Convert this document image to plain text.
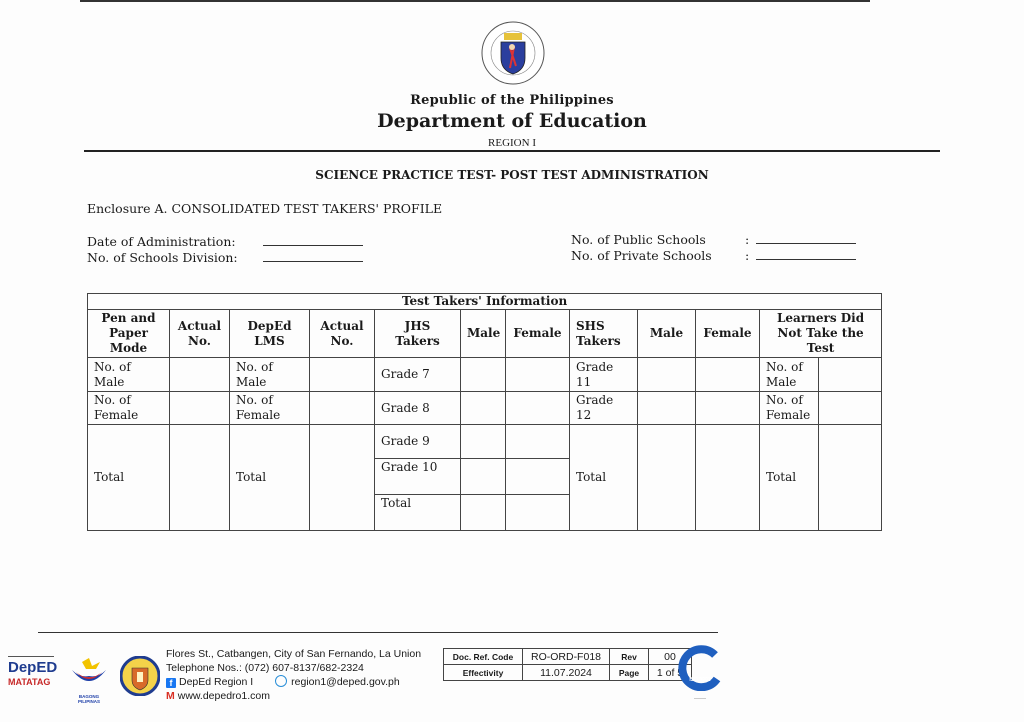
Republic of the Philippines
Department of Education
REGION I
SCIENCE PRACTICE TEST- POST TEST ADMINISTRATION
Enclosure A. CONSOLIDATED TEST TAKERS' PROFILE
Date of Administration:
No. of Schools Division:
No. of Public Schools	:
No. of Private Schools	:
Test Takers' Information											
Pen and Paper Mode	Actual No.	DepEd LMS	Actual No.	JHS Takers	Male	Female	SHS Takers	Male	Female	Learners Did Not Take the Test	
No. of Male		No. of Male		Grade 7			Grade 11			No. of Male	
No. of Female		No. of Female		Grade 8			Grade 12			No. of Female	
Total		Total		Grade 9			Total			Total	
				Grade 10							
				Total							
DepED
MATATAG
BAGONG PILIPINAS
Flores St., Catbangen, City of San Fernando, La Union
Telephone Nos.: (072) 607-8137/682-2324
f DepEd Region I	region1@deped.gov.ph
M www.depedro1.com
Doc. Ref. Code	RO-ORD-F018	Rev	00
Effectivity	11.07.2024	Page	1 of 5
ISO 9001
———
